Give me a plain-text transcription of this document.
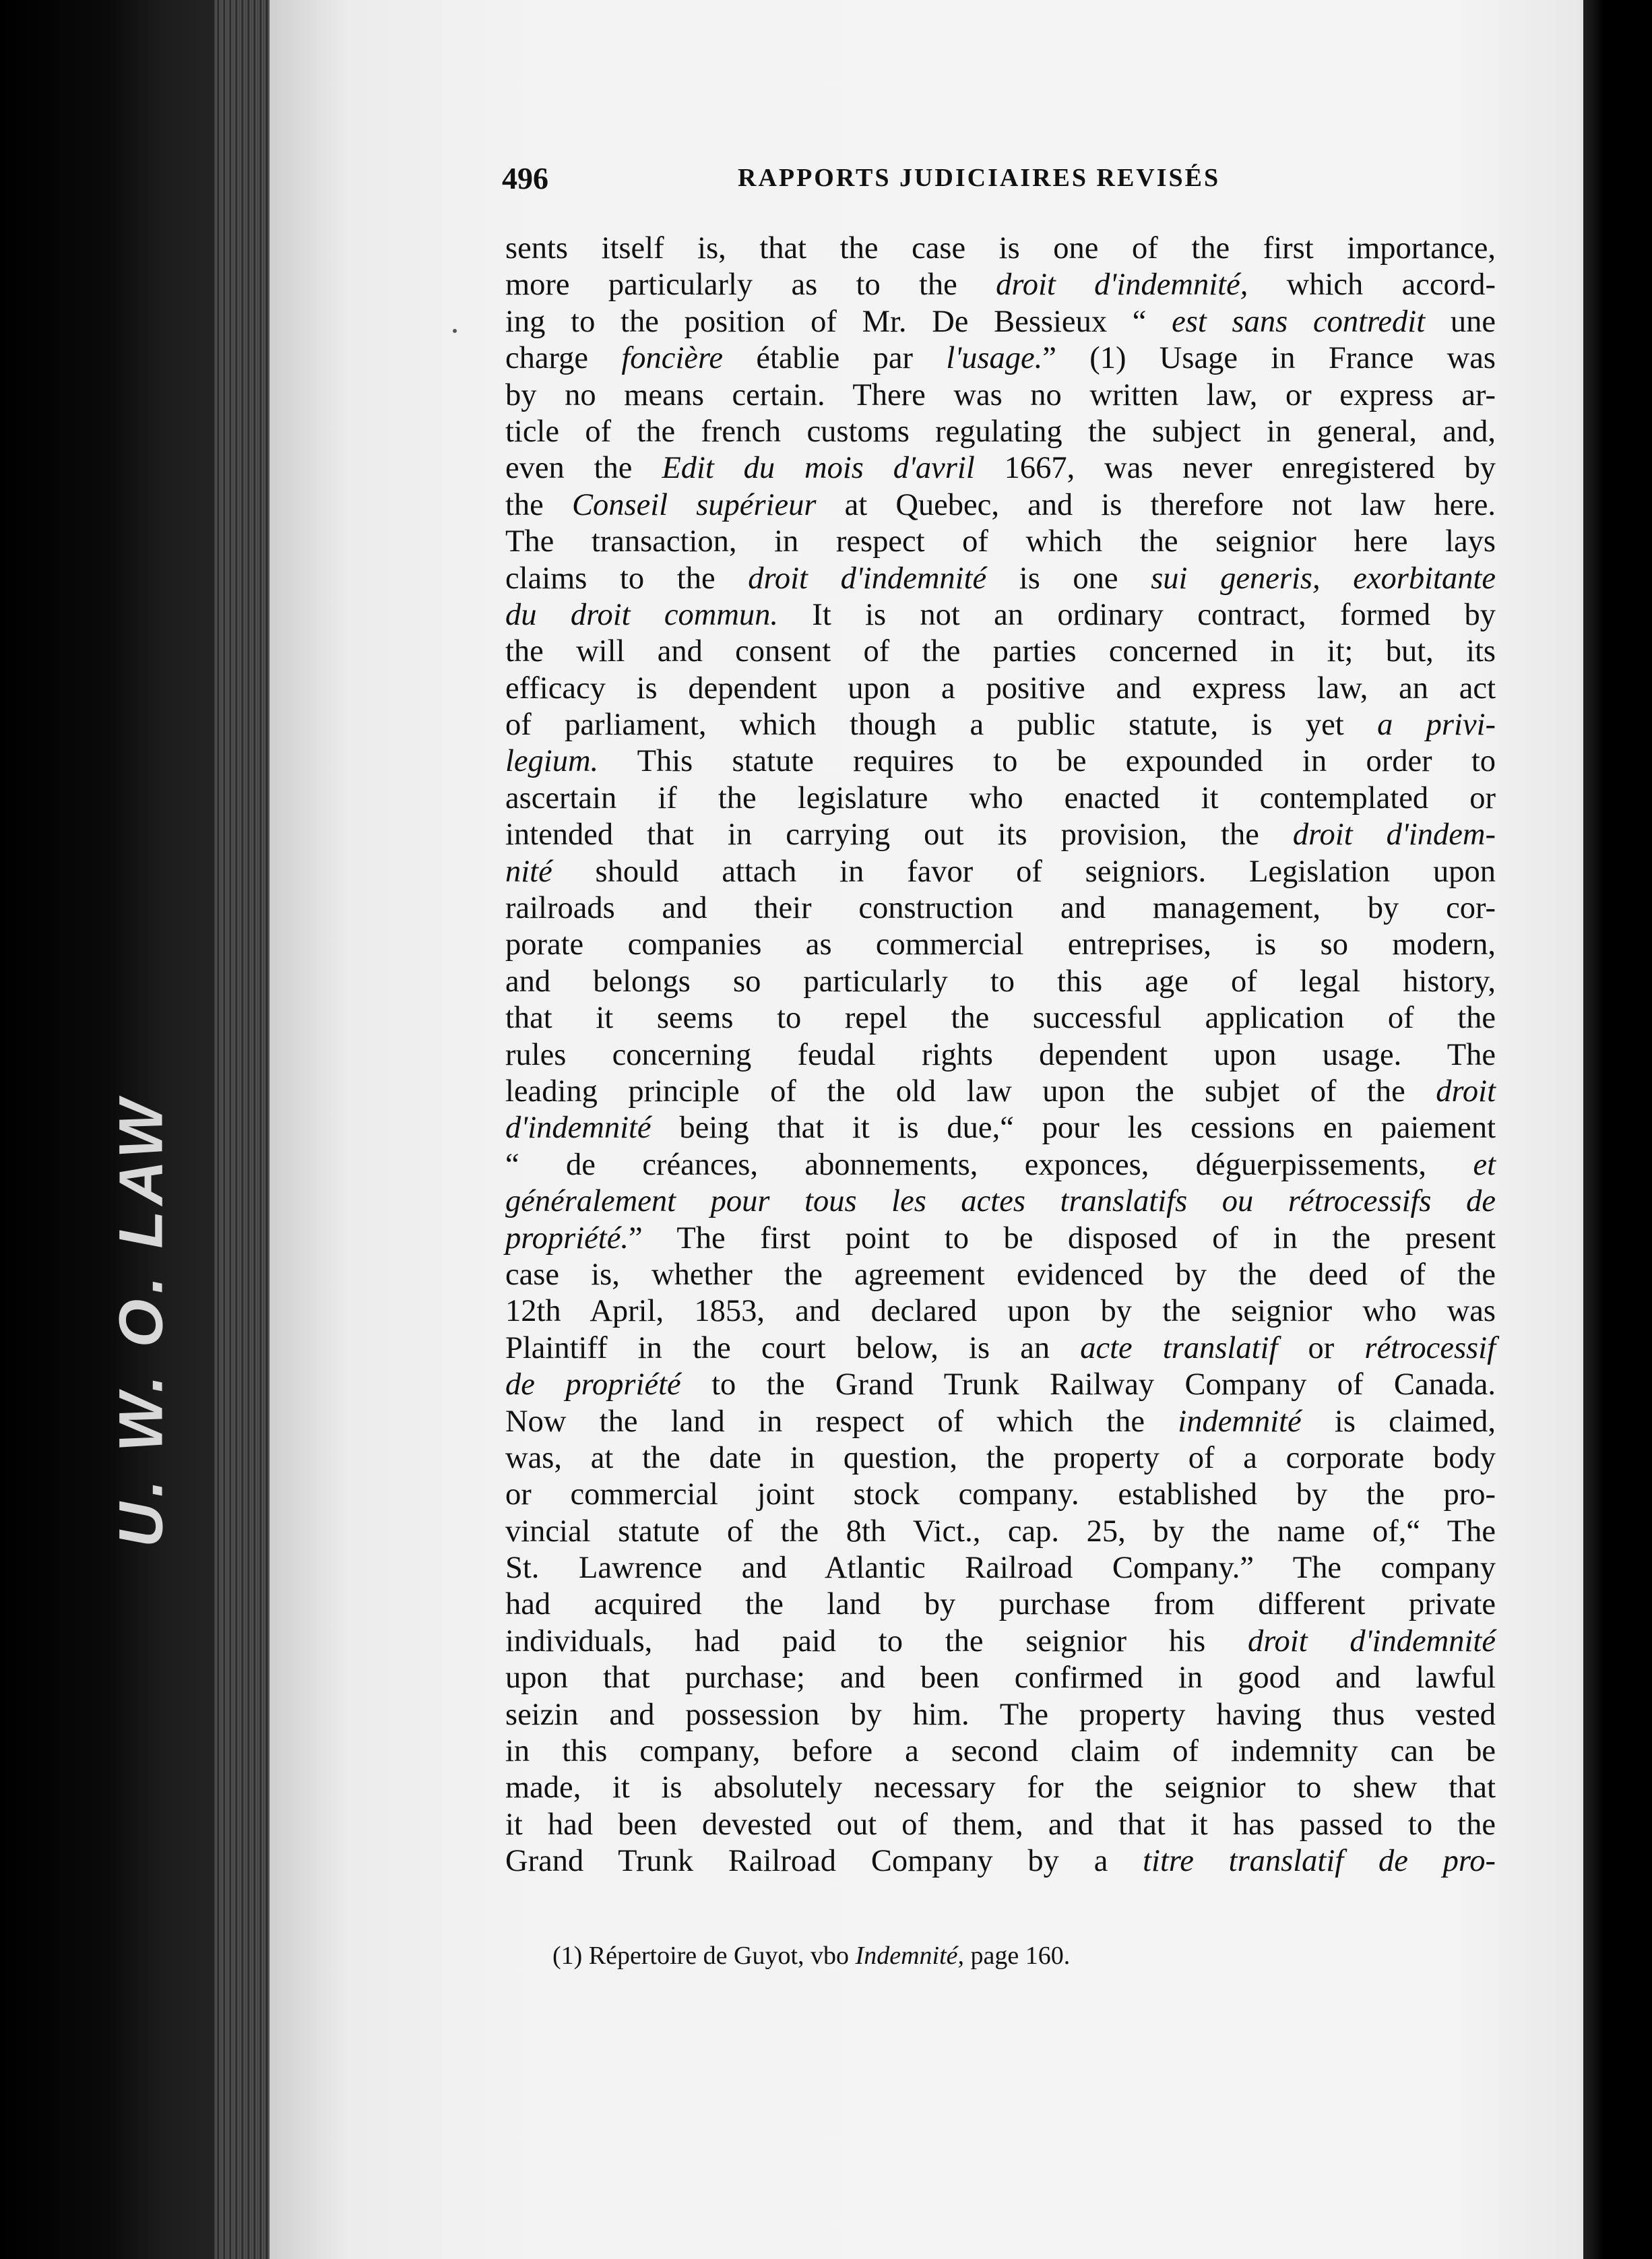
U. W. O. LAW
496	RAPPORTS JUDICIAIRES REVISÉS
sents itself is, that the case is one of the first importance,
more particularly as to the droit d'indemnité, which accord-
ing to the position of Mr. De Bessieux “ est sans contredit une
charge foncière établie par l'usage.” (1) Usage in France was
by no means certain. There was no written law, or express ar-
ticle of the french customs regulating the subject in general, and,
even the Edit du mois d'avril 1667, was never enregistered by
the Conseil supérieur at Quebec, and is therefore not law here.
The transaction, in respect of which the seignior here lays
claims to the droit d'indemnité is one sui generis, exorbitante
du droit commun. It is not an ordinary contract, formed by
the will and consent of the parties concerned in it; but, its
efficacy is dependent upon a positive and express law, an act
of parliament, which though a public statute, is yet a privi-
legium. This statute requires to be expounded in order to
ascertain if the legislature who enacted it contemplated or
intended that in carrying out its provision, the droit d'indem-
nité should attach in favor of seigniors. Legislation upon
railroads and their construction and management, by cor-
porate companies as commercial entreprises, is so modern,
and belongs so particularly to this age of legal history,
that it seems to repel the successful application of the
rules concerning feudal rights dependent upon usage. The
leading principle of the old law upon the subjet of the droit
d'indemnité being that it is due,“ pour les cessions en paiement
“ de créances, abonnements, exponces, déguerpissements, et
généralement pour tous les actes translatifs ou rétrocessifs de
propriété.” The first point to be disposed of in the present
case is, whether the agreement evidenced by the deed of the
12th April, 1853, and declared upon by the seignior who was
Plaintiff in the court below, is an acte translatif or rétrocessif
de propriété to the Grand Trunk Railway Company of Canada.
Now the land in respect of which the indemnité is claimed,
was, at the date in question, the property of a corporate body
or commercial joint stock company. established by the pro-
vincial statute of the 8th Vict., cap. 25, by the name of,“ The
St. Lawrence and Atlantic Railroad Company.” The company
had acquired the land by purchase from different private
individuals, had paid to the seignior his droit d'indemnité
upon that purchase; and been confirmed in good and lawful
seizin and possession by him. The property having thus vested
in this company, before a second claim of indemnity can be
made, it is absolutely necessary for the seignior to shew that
it had been devested out of them, and that it has passed to the
Grand Trunk Railroad Company by a titre translatif de pro-
(1) Répertoire de Guyot, vbo Indemnité, page 160.
